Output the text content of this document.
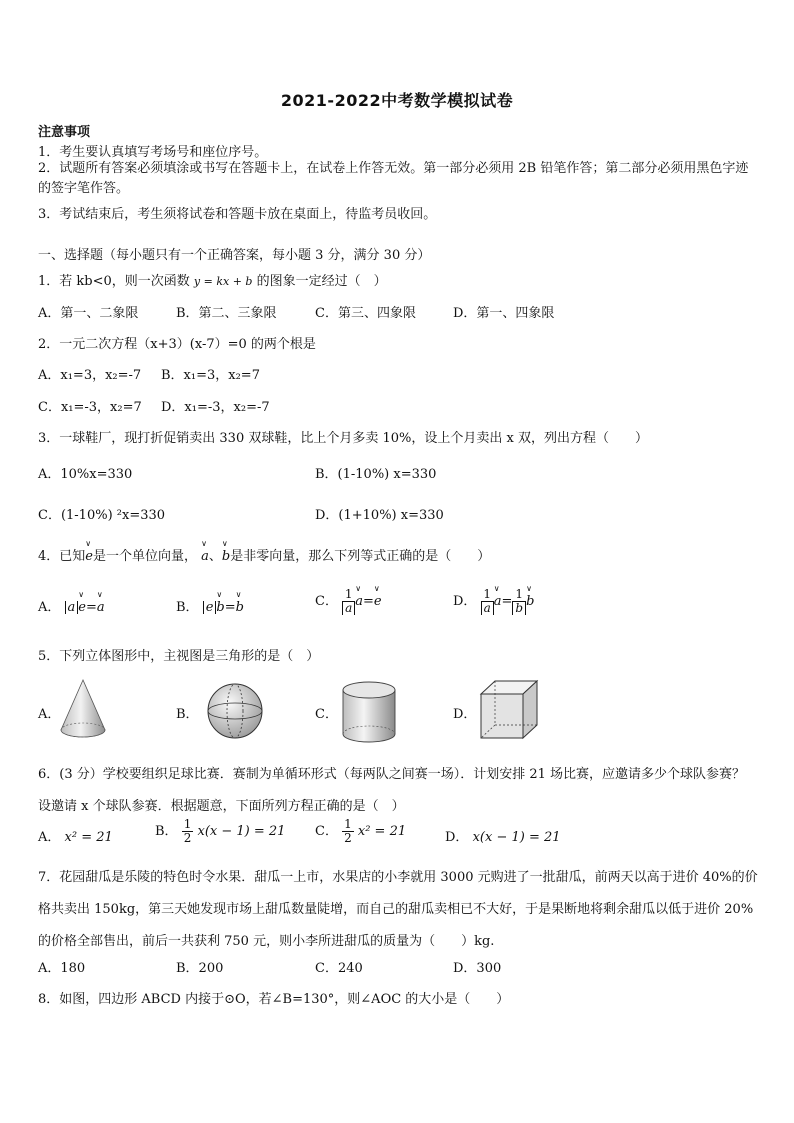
2021-2022中考数学模拟试卷
注意事项
1．考生要认真填写考场号和座位序号。
2．试题所有答案必须填涂或书写在答题卡上，在试卷上作答无效。第一部分必须用 2B 铅笔作答；第二部分必须用黑色字迹的签字笔作答。
3．考试结束后，考生须将试卷和答题卡放在桌面上，待监考员收回。
一、选择题（每小题只有一个正确答案，每小题 3 分，满分 30 分）
1．若 kb<0，则一次函数 y = kx + b 的图象一定经过（　）
A．第一、二象限	B．第二、三象限	C．第三、四象限	D．第一、四象限
2．一元二次方程（x+3）(x-7）=0 的两个根是
A．x₁=3，x₂=-7 B．x₁=3，x₂=7
C．x₁=-3，x₂=7 D．x₁=-3，x₂=-7
3．一球鞋厂，现打折促销卖出 330 双球鞋，比上个月多卖 10%，设上个月卖出 x 双，列出方程（　　）
A．10%x=330	B．(1-10%) x=330
C．(1-10%) ²x=330	D．(1+10%) x=330
4．已知∨ e是一个单位向量， ∨ a、∨ b是非零向量，那么下列等式正确的是（　　）
A． a ∨ e=∨ a	B． e ∨ b=∨ b	C． $\frac{1}{a}$ ∨ a=∨ e	D． $\frac{1}{a}$ ∨ $a= \frac{1}{b}$ ∨ b
5．下列立体图形中，主视图是三角形的是（　）
A．	B．	C．	D．
6．(3 分）学校要组织足球比赛．赛制为单循环形式（每两队之间赛一场）．计划安排 21 场比赛，应邀请多少个球队参赛？设邀请 x 个球队参赛．根据题意，下面所列方程正确的是（　）
A． x² = 21	B． $\frac{1}{2} x(x - 1) = 21$ C． $\frac{1}{2} x^2 = 21$	D． x(x − 1) = 21
7．花园甜瓜是乐陵的特色时令水果．甜瓜一上市，水果店的小李就用 3000 元购进了一批甜瓜，前两天以高于进价 40%的价格共卖出 150kg，第三天她发现市场上甜瓜数量陡增，而自己的甜瓜卖相已不大好，于是果断地将剩余甜瓜以低于进价 20%的价格全部售出，前后一共获利 750 元，则小李所进甜瓜的质量为（　　）kg.
A．180	B．200	C．240	D．300
8．如图，四边形 ABCD 内接于⊙O，若∠B=130°，则∠AOC 的大小是（　　）
